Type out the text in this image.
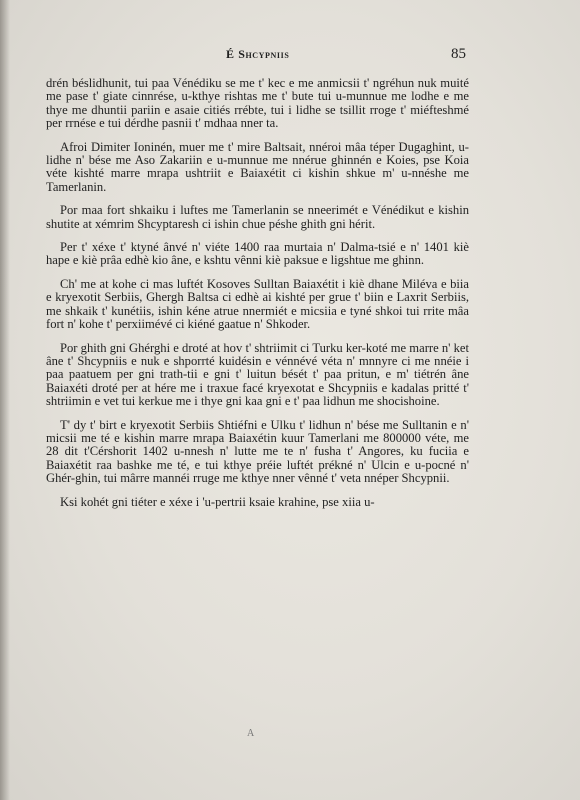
É Shcypniis	85

drén béslidhunit, tui paa Vénédiku se me t' kec e me anmicsii t' ngréhun nuk muité me pase t' giate cinnrése, u-kthye rishtas me t' bute tui u-munnue me lodhe e me thye me dhuntii pariin e asaie citiés rrébte, tui i lidhe se tsillit rroge t' miéfteshmé per rrnése e tui dérdhe pasnii t' mdhaa nner ta.

Afroi Dimiter Ioninén, muer me t' mire Baltsait, nnéroi mâa téper Dugaghint, u-lidhe n' bése me Aso Zakariin e u-munnue me nnérue ghinnén e Koies, pse Koia véte kishté marre mrapa ushtriit e Baiaxétit ci kishin shkue m' u-nnéshe me Tamerlanin.

Por maa fort shkaiku i luftes me Tamerlanin se nneerimét e Vénédikut e kishin shutite at xémrim Shcyptaresh ci ishin chue péshe ghith gni hérit.

Per t' xéxe t' ktyné ânvé n' viéte 1400 raa murtaia n' Dalma-tsié e n' 1401 kiè hape e kiè prâa edhè kio âne, e kshtu vênni kiè paksue e ligshtue me ghinn.

Ch' me at kohe ci mas luftét Kosoves Sulltan Baiaxétit i kiè dhane Miléva e biia e kryexotit Serbiis, Ghergh Baltsa ci edhè ai kishté per grue t' biin e Laxrit Serbiis, me shkaik t' kunétiis, ishin kéne atrue nnermiét e micsiia e tyné shkoi tui rrite mâa fort n' kohe t' perxiimévé ci kiéné gaatue n' Shkoder.

Por ghith gni Ghérghi e droté at hov t' shtriimit ci Turku ker-koté me marre n' ket âne t' Shcypniis e nuk e shporrté kuidésin e vénnévé véta n' mnnyre ci me nnéie i paa paatuem per gni trath-tii e gni t' luitun bését t' paa pritun, e m' tiétrén âne Baiaxéti droté per at hére me i traxue facé kryexotat e Shcypniis e kadalas pritté t' shtriimin e vet tui kerkue me i thye gni kaa gni e t' paa lidhun me shocishoine.

T' dy t' birt e kryexotit Serbiis Shtiéfni e Ulku t' lidhun n' bése me Sulltanin e n' micsii me té e kishin marre mrapa Baiaxétin kuur Tamerlani me 800000 véte, me 28 dit t'Cérshorit 1402 u-nnesh n' lutte me te n' fusha t' Angores, ku fuciia e Baiaxétit raa bashke me té, e tui kthye préie luftét prékné n' Ulcin e u-pocné n' Ghér-ghin, tui mârre mannéi rruge me kthye nner vênné t' veta nnéper Shcypnii.

Ksi kohét gni tiéter e xéxe i 'u-pertrii ksaie krahine, pse xiia u-

A
